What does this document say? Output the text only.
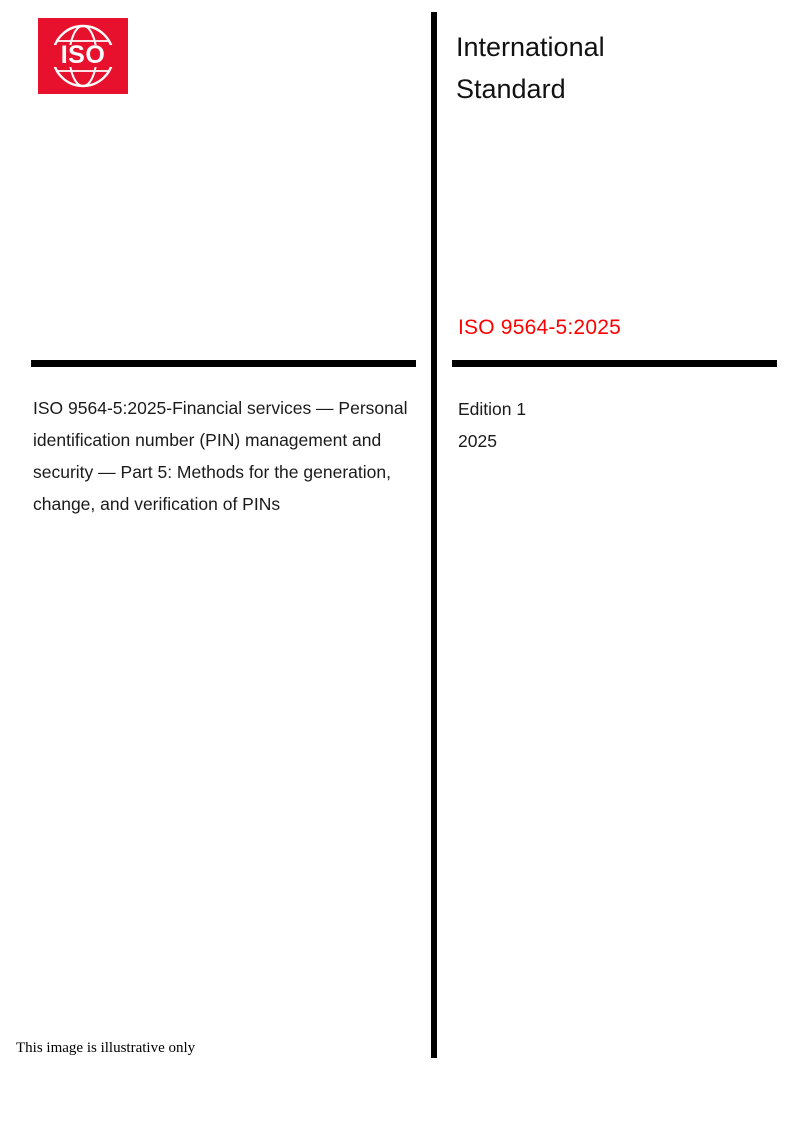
ISO	International
Standard
ISO 9564-5:2025
ISO 9564-5:2025-Financial services — Personal identification number (PIN) management and security — Part 5: Methods for the generation, change, and verification of PINs
Edition 1
2025
This image is illustrative only
